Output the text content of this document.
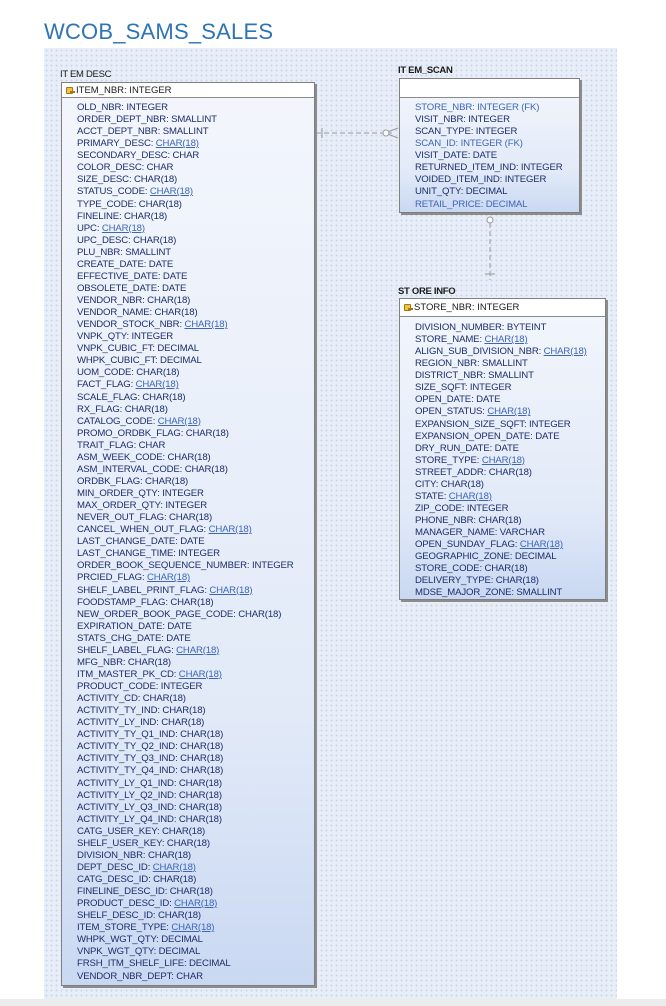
WCOB_SAMS_SALES
IT EM DESC
ITEM_NBR: INTEGER
OLD_NBR: INTEGER
ORDER_DEPT_NBR: SMALLINT
ACCT_DEPT_NBR: SMALLINT
PRIMARY_DESC: CHAR(18)
SECONDARY_DESC: CHAR
COLOR_DESC: CHAR
SIZE_DESC: CHAR(18)
STATUS_CODE: CHAR(18)
TYPE_CODE: CHAR(18)
FINELINE: CHAR(18)
UPC: CHAR(18)
UPC_DESC: CHAR(18)
PLU_NBR: SMALLINT
CREATE_DATE: DATE
EFFECTIVE_DATE: DATE
OBSOLETE_DATE: DATE
VENDOR_NBR: CHAR(18)
VENDOR_NAME: CHAR(18)
VENDOR_STOCK_NBR: CHAR(18)
VNPK_QTY: INTEGER
VNPK_CUBIC_FT: DECIMAL
WHPK_CUBIC_FT: DECIMAL
UOM_CODE: CHAR(18)
FACT_FLAG: CHAR(18)
SCALE_FLAG: CHAR(18)
RX_FLAG: CHAR(18)
CATALOG_CODE: CHAR(18)
PROMO_ORDBK_FLAG: CHAR(18)
TRAIT_FLAG: CHAR
ASM_WEEK_CODE: CHAR(18)
ASM_INTERVAL_CODE: CHAR(18)
ORDBK_FLAG: CHAR(18)
MIN_ORDER_QTY: INTEGER
MAX_ORDER_QTY: INTEGER
NEVER_OUT_FLAG: CHAR(18)
CANCEL_WHEN_OUT_FLAG: CHAR(18)
LAST_CHANGE_DATE: DATE
LAST_CHANGE_TIME: INTEGER
ORDER_BOOK_SEQUENCE_NUMBER: INTEGER
PRCIED_FLAG: CHAR(18)
SHELF_LABEL_PRINT_FLAG: CHAR(18)
FOODSTAMP_FLAG: CHAR(18)
NEW_ORDER_BOOK_PAGE_CODE: CHAR(18)
EXPIRATION_DATE: DATE
STATS_CHG_DATE: DATE
SHELF_LABEL_FLAG: CHAR(18)
MFG_NBR: CHAR(18)
ITM_MASTER_PK_CD: CHAR(18)
PRODUCT_CODE: INTEGER
ACTIVITY_CD: CHAR(18)
ACTIVITY_TY_IND: CHAR(18)
ACTIVITY_LY_IND: CHAR(18)
ACTIVITY_TY_Q1_IND: CHAR(18)
ACTIVITY_TY_Q2_IND: CHAR(18)
ACTIVITY_TY_Q3_IND: CHAR(18)
ACTIVITY_TY_Q4_IND: CHAR(18)
ACTIVITY_LY_Q1_IND: CHAR(18)
ACTIVITY_LY_Q2_IND: CHAR(18)
ACTIVITY_LY_Q3_IND: CHAR(18)
ACTIVITY_LY_Q4_IND: CHAR(18)
CATG_USER_KEY: CHAR(18)
SHELF_USER_KEY: CHAR(18)
DIVISION_NBR: CHAR(18)
DEPT_DESC_ID: CHAR(18)
CATG_DESC_ID: CHAR(18)
FINELINE_DESC_ID: CHAR(18)
PRODUCT_DESC_ID: CHAR(18)
SHELF_DESC_ID: CHAR(18)
ITEM_STORE_TYPE: CHAR(18)
WHPK_WGT_QTY: DECIMAL
VNPK_WGT_QTY: DECIMAL
FRSH_ITM_SHELF_LIFE: DECIMAL
VENDOR_NBR_DEPT: CHAR
IT EM_SCAN
STORE_NBR: INTEGER (FK)
VISIT_NBR: INTEGER
SCAN_TYPE: INTEGER
SCAN_ID: INTEGER (FK)
VISIT_DATE: DATE
RETURNED_ITEM_IND: INTEGER
VOIDED_ITEM_IND: INTEGER
UNIT_QTY: DECIMAL
RETAIL_PRICE: DECIMAL
ST ORE INFO
STORE_NBR: INTEGER
DIVISION_NUMBER: BYTEINT
STORE_NAME: CHAR(18)
ALIGN_SUB_DIVISION_NBR: CHAR(18)
REGION_NBR: SMALLINT
DISTRICT_NBR: SMALLINT
SIZE_SQFT: INTEGER
OPEN_DATE: DATE
OPEN_STATUS: CHAR(18)
EXPANSION_SIZE_SQFT: INTEGER
EXPANSION_OPEN_DATE: DATE
DRY_RUN_DATE: DATE
STORE_TYPE: CHAR(18)
STREET_ADDR: CHAR(18)
CITY: CHAR(18)
STATE: CHAR(18)
ZIP_CODE: INTEGER
PHONE_NBR: CHAR(18)
MANAGER_NAME: VARCHAR
OPEN_SUNDAY_FLAG: CHAR(18)
GEOGRAPHIC_ZONE: DECIMAL
STORE_CODE: CHAR(18)
DELIVERY_TYPE: CHAR(18)
MDSE_MAJOR_ZONE: SMALLINT
